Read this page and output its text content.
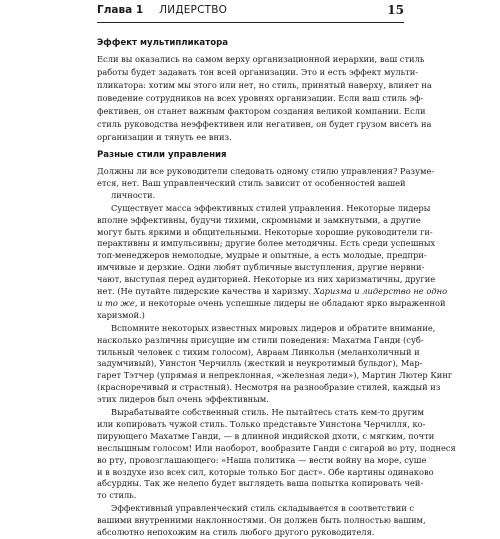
Глава 1 ЛИДЕРСТВО	15
Эффект мультипликатора

Если вы оказались на самом верху организационной иерархии, ваш стиль
работы будет задавать тон всей организации. Это и есть эффект мульти-
пликатора: хотим мы этого или нет, но стиль, принятый наверху, влияет на
поведение сотрудников на всех уровнях организации. Если ваш стиль эф-
фективен, он станет важным фактором создания великой компании. Если
стиль руководства неэффективен или негативен, он будет грузом висеть на
организации и тянуть ее вниз.

Разные стили управления

Должны ли все руководители следовать одному стилю управления? Разуме-
ется, нет. Ваш управленческий стиль зависит от особенностей вашей
личности.

Существует масса эффективных стилей управления. Некоторые лидеры
вполне эффективны, будучи тихими, скромными и замкнутыми, а другие
могут быть яркими и общительными. Некоторые хорошие руководители ги-
перактивны и импульсивны; другие более методичны. Есть среди успешных
топ-менеджеров немолодые, мудрые и опытные, а есть молодые, предпри-
имчивые и дерзкие. Одни любят публичные выступления, другие нервни-
чают, выступая перед аудиторией. Некоторые из них харизматичны, другие
нет. (Не путайте лидерские качества и харизму. Харизма и лидерство не одно
и то же, и некоторые очень успешные лидеры не обладают ярко выраженной
харизмой.)

Вспомните некоторых известных мировых лидеров и обратите внимание,
насколько различны присущие им стили поведения: Махатма Ганди (суб-
тильный человек с тихим голосом), Авраам Линкольн (меланхоличный и
задумчивый), Уинстон Черчилль (жесткий и неукротимый бульдог), Мар-
гарет Тэтчер (упрямая и непреклонная, «железная леди»), Мартин Лютер Кинг
(красноречивый и страстный). Несмотря на разнообразие стилей, каждый из
этих лидеров был очень эффективным.

Вырабатывайте собственный стиль. Не пытайтесь стать кем-то другим
или копировать чужой стиль. Только представьте Уинстона Черчилля, ко-
пирующего Махатме Ганди, — в длинной индийской дхоти, с мягким, почти
неслышным голосом! Или наоборот, вообразите Ганди с сигарой во рту, поднеся
во рту, провозглашающего: «Наша политика — вести войну на море, суше
и в воздухе изо всех сил, которые только Бог даст». Обе картины одинаково
абсурдны. Так же нелепо будет выглядеть ваша попытка копировать чей-
то стиль.

Эффективный управленческий стиль складывается в соответствии с
вашими внутренними наклонностями. Он должен быть полностью вашим,
абсолютно непохожим на стиль любого другого руководителя.
